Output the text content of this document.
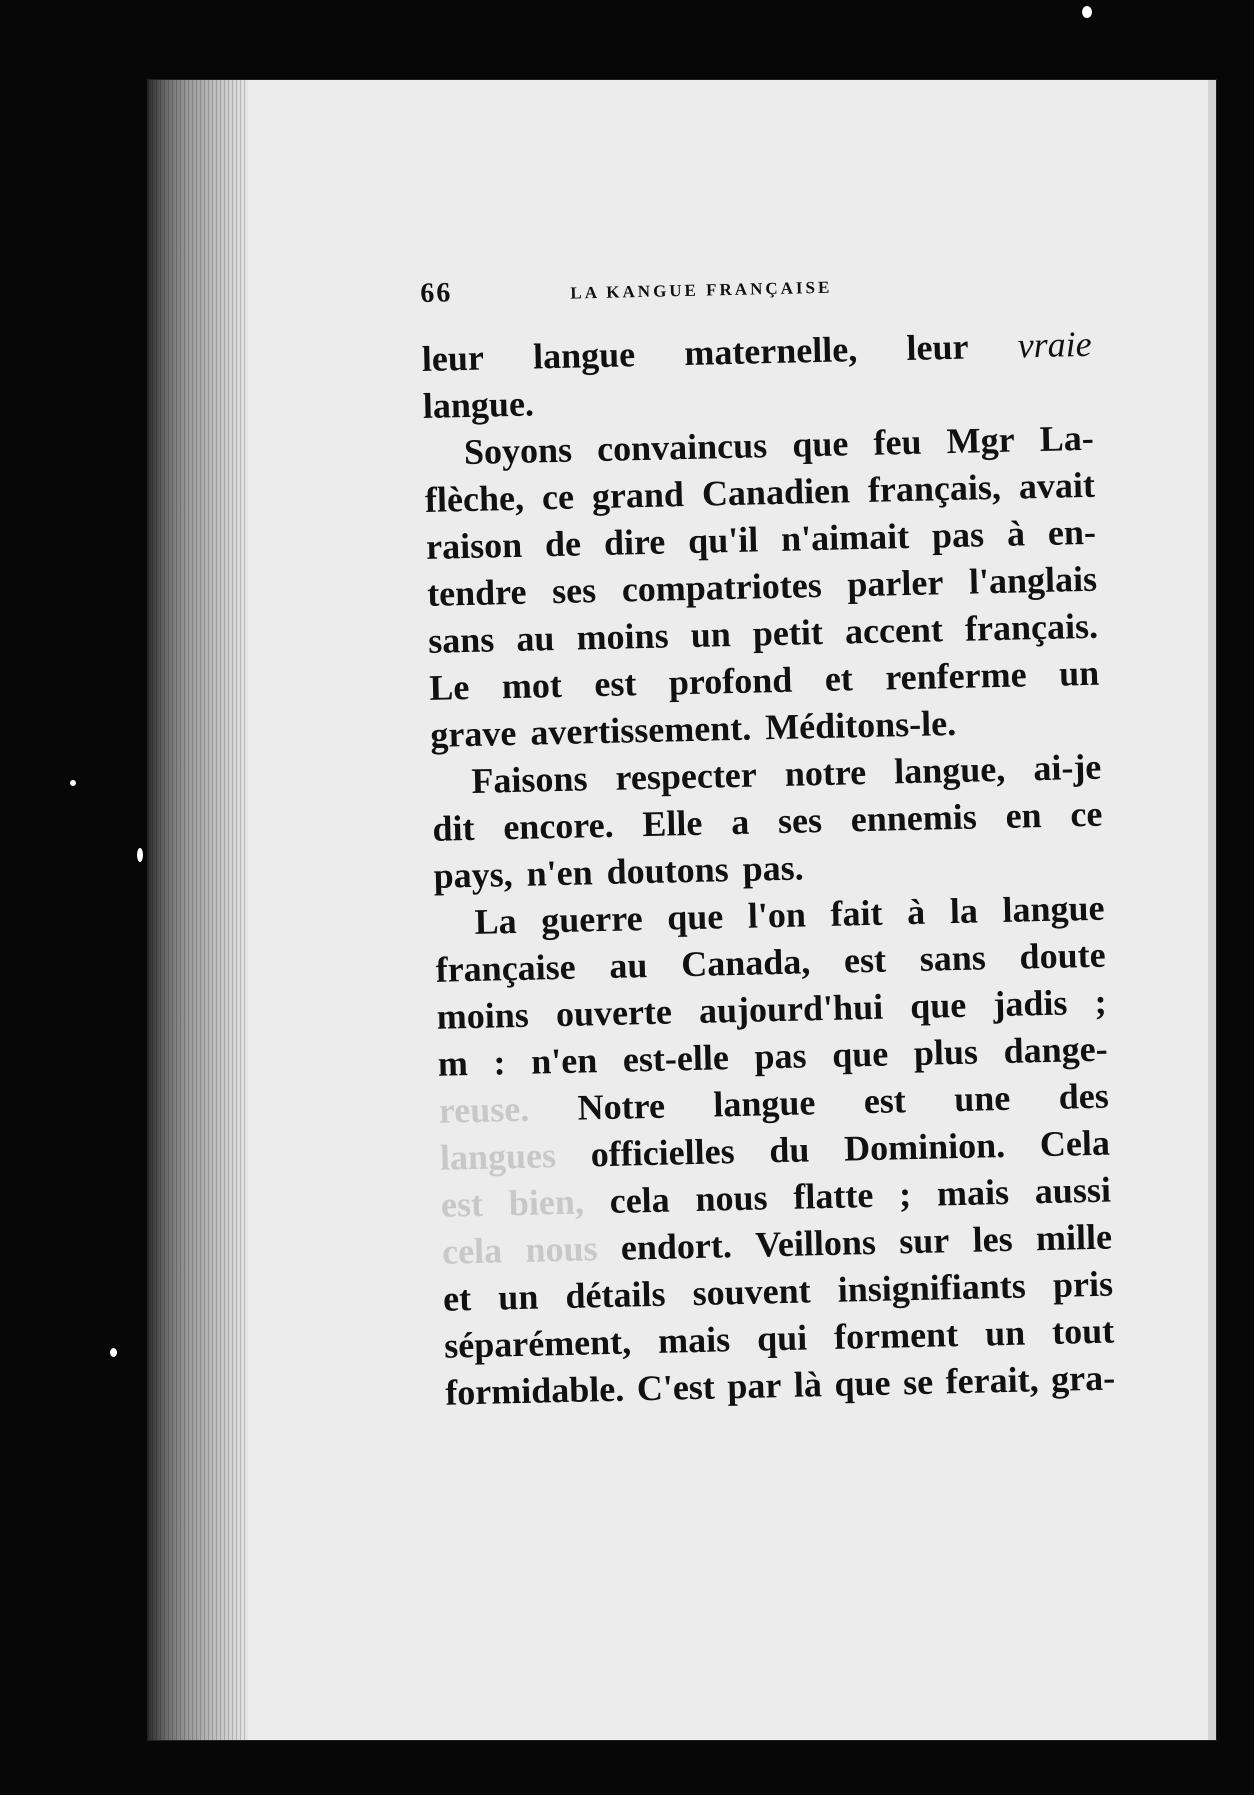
66	LA KANGUE FRANÇAISE
leur langue maternelle, leur vraie
langue.
Soyons convaincus que feu Mgr La-
flèche, ce grand Canadien français, avait
raison de dire qu'il n'aimait pas à en-
tendre ses compatriotes parler l'anglais
sans au moins un petit accent français.
Le mot est profond et renferme un
grave avertissement. Méditons-le.
Faisons respecter notre langue, ai-je
dit encore. Elle a ses ennemis en ce
pays, n'en doutons pas.
La guerre que l'on fait à la langue
française au Canada, est sans doute
moins ouverte aujourd'hui que jadis ;
m : n'en est-elle pas que plus dange-
reuse. Notre langue est une des
langues officielles du Dominion. Cela
est bien, cela nous flatte ; mais aussi
cela nous endort. Veillons sur les mille
et un détails souvent insignifiants pris
séparément, mais qui forment un tout
formidable. C'est par là que se ferait, gra-
